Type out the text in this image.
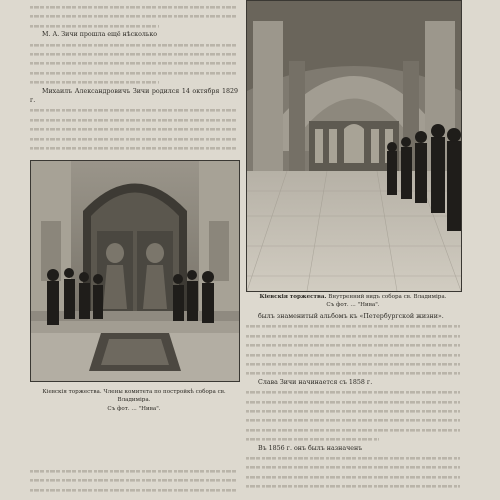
М. А. Зичи прошла ещё нѣсколько

Михаилъ Александровичъ Зичи родился 14 октября 1829 г.

Кіевскія торжества. Члены комитета по постройкѣ собора св. Владиміра.
Съ фот. ... "Нива".
Кіевскія торжества. Внутренний видъ собора св. Владиміра.
Съ фот. ... "Нива".

былъ знаменитый альбомъ къ «Петербургской жизни».

Слава Зичи начинается съ 1858 г.

Въ 1856 г. онъ былъ назначенъ
